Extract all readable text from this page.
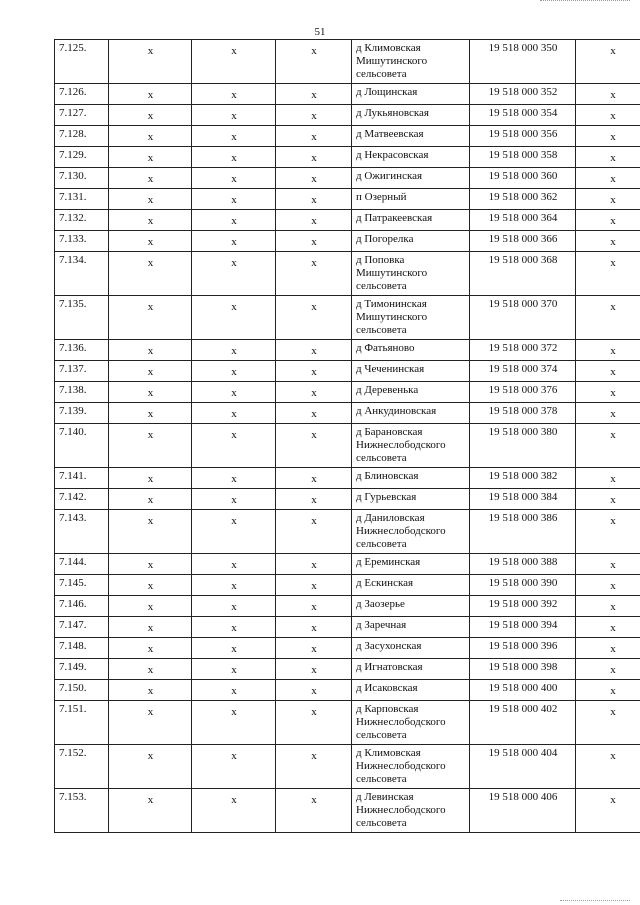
51
7.125.	x	x	x	д Климовская Мишутинского сельсовета	19 518 000 350	x
7.126.	x	x	x	д Лощинская	19 518 000 352	x
7.127.	x	x	x	д Лукьяновская	19 518 000 354	x
7.128.	x	x	x	д Матвеевская	19 518 000 356	x
7.129.	x	x	x	д Некрасовская	19 518 000 358	x
7.130.	x	x	x	д Ожигинская	19 518 000 360	x
7.131.	x	x	x	п Озерный	19 518 000 362	x
7.132.	x	x	x	д Патракеевская	19 518 000 364	x
7.133.	x	x	x	д Погорелка	19 518 000 366	x
7.134.	x	x	x	д Поповка Мишутинского сельсовета	19 518 000 368	x
7.135.	x	x	x	д Тимонинская Мишутинского сельсовета	19 518 000 370	x
7.136.	x	x	x	д Фатьяново	19 518 000 372	x
7.137.	x	x	x	д Чеченинская	19 518 000 374	x
7.138.	x	x	x	д Деревенька	19 518 000 376	x
7.139.	x	x	x	д Анкудиновская	19 518 000 378	x
7.140.	x	x	x	д Барановская Нижнеслободского сельсовета	19 518 000 380	x
7.141.	x	x	x	д Блиновская	19 518 000 382	x
7.142.	x	x	x	д Гурьевская	19 518 000 384	x
7.143.	x	x	x	д Даниловская Нижнеслободского сельсовета	19 518 000 386	x
7.144.	x	x	x	д Ереминская	19 518 000 388	x
7.145.	x	x	x	д Ескинская	19 518 000 390	x
7.146.	x	x	x	д Заозерье	19 518 000 392	x
7.147.	x	x	x	д Заречная	19 518 000 394	x
7.148.	x	x	x	д Засухонская	19 518 000 396	x
7.149.	x	x	x	д Игнатовская	19 518 000 398	x
7.150.	x	x	x	д Исаковская	19 518 000 400	x
7.151.	x	x	x	д Карповская Нижнеслободского сельсовета	19 518 000 402	x
7.152.	x	x	x	д Климовская Нижнеслободского сельсовета	19 518 000 404	x
7.153.	x	x	x	д Левинская Нижнеслободского сельсовета	19 518 000 406	x
